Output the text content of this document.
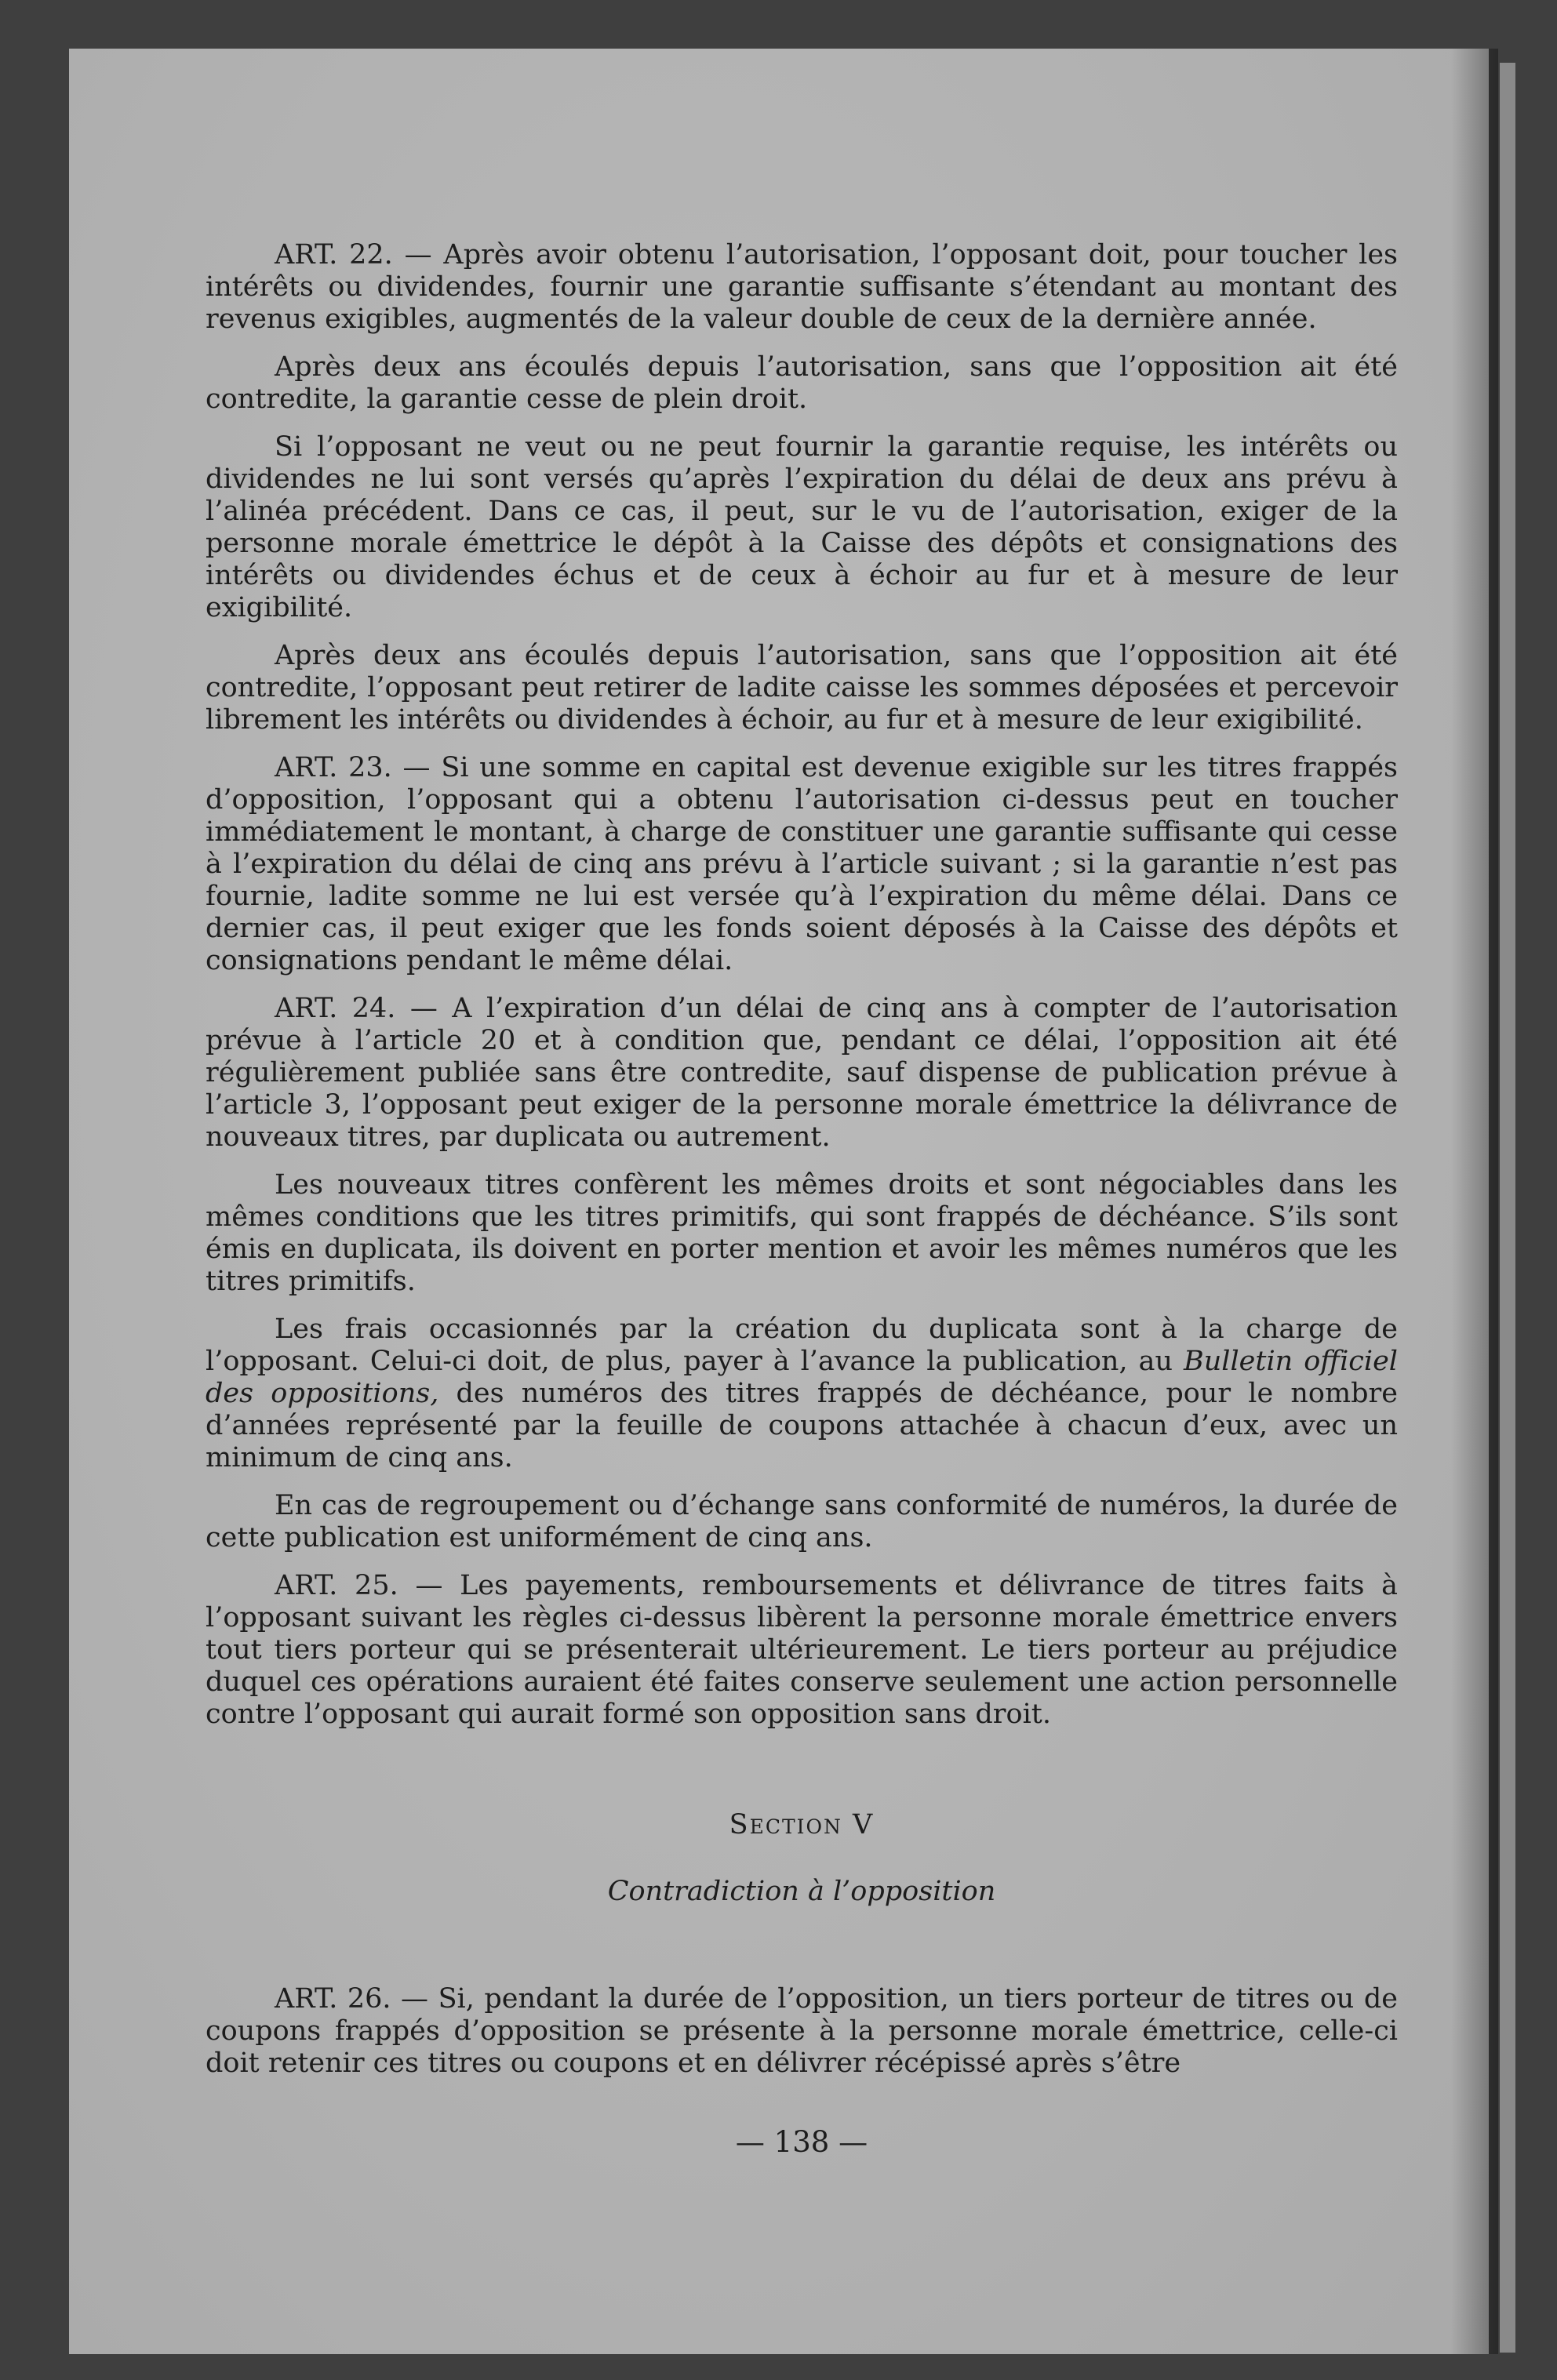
ART. 22. — Après avoir obtenu l’autorisation, l’opposant doit, pour toucher les intérêts ou dividendes, fournir une garantie suffisante s’étendant au montant des revenus exigibles, augmentés de la valeur double de ceux de la dernière année.

Après deux ans écoulés depuis l’autorisation, sans que l’opposition ait été contredite, la garantie cesse de plein droit.

Si l’opposant ne veut ou ne peut fournir la garantie requise, les intérêts ou dividendes ne lui sont versés qu’après l’expiration du délai de deux ans prévu à l’alinéa précédent. Dans ce cas, il peut, sur le vu de l’autorisation, exiger de la personne morale émettrice le dépôt à la Caisse des dépôts et consignations des intérêts ou dividendes échus et de ceux à échoir au fur et à mesure de leur exigibilité.

Après deux ans écoulés depuis l’autorisation, sans que l’opposition ait été contredite, l’opposant peut retirer de ladite caisse les sommes déposées et percevoir librement les intérêts ou dividendes à échoir, au fur et à mesure de leur exigibilité.

ART. 23. — Si une somme en capital est devenue exigible sur les titres frappés d’opposition, l’opposant qui a obtenu l’autorisation ci-dessus peut en toucher immédiatement le montant, à charge de constituer une garantie suffisante qui cesse à l’expiration du délai de cinq ans prévu à l’article suivant ; si la garantie n’est pas fournie, ladite somme ne lui est versée qu’à l’expiration du même délai. Dans ce dernier cas, il peut exiger que les fonds soient déposés à la Caisse des dépôts et consignations pendant le même délai.

ART. 24. — A l’expiration d’un délai de cinq ans à compter de l’autorisation prévue à l’article 20 et à condition que, pendant ce délai, l’opposition ait été régulièrement publiée sans être contredite, sauf dispense de publication prévue à l’article 3, l’opposant peut exiger de la personne morale émettrice la délivrance de nouveaux titres, par duplicata ou autrement.

Les nouveaux titres confèrent les mêmes droits et sont négociables dans les mêmes conditions que les titres primitifs, qui sont frappés de déchéance. S’ils sont émis en duplicata, ils doivent en porter mention et avoir les mêmes numéros que les titres primitifs.

Les frais occasionnés par la création du duplicata sont à la charge de l’opposant. Celui-ci doit, de plus, payer à l’avance la publication, au Bulletin officiel des oppositions, des numéros des titres frappés de déchéance, pour le nombre d’années représenté par la feuille de coupons attachée à chacun d’eux, avec un minimum de cinq ans.

En cas de regroupement ou d’échange sans conformité de numéros, la durée de cette publication est uniformément de cinq ans.

ART. 25. — Les payements, remboursements et délivrance de titres faits à l’opposant suivant les règles ci-dessus libèrent la personne morale émettrice envers tout tiers porteur qui se présenterait ultérieurement. Le tiers porteur au préjudice duquel ces opérations auraient été faites conserve seulement une action personnelle contre l’opposant qui aurait formé son opposition sans droit.

Section V

Contradiction à l’opposition

ART. 26. — Si, pendant la durée de l’opposition, un tiers porteur de titres ou de coupons frappés d’opposition se présente à la personne morale émettrice, celle-ci doit retenir ces titres ou coupons et en délivrer récépissé après s’être

— 138 —
